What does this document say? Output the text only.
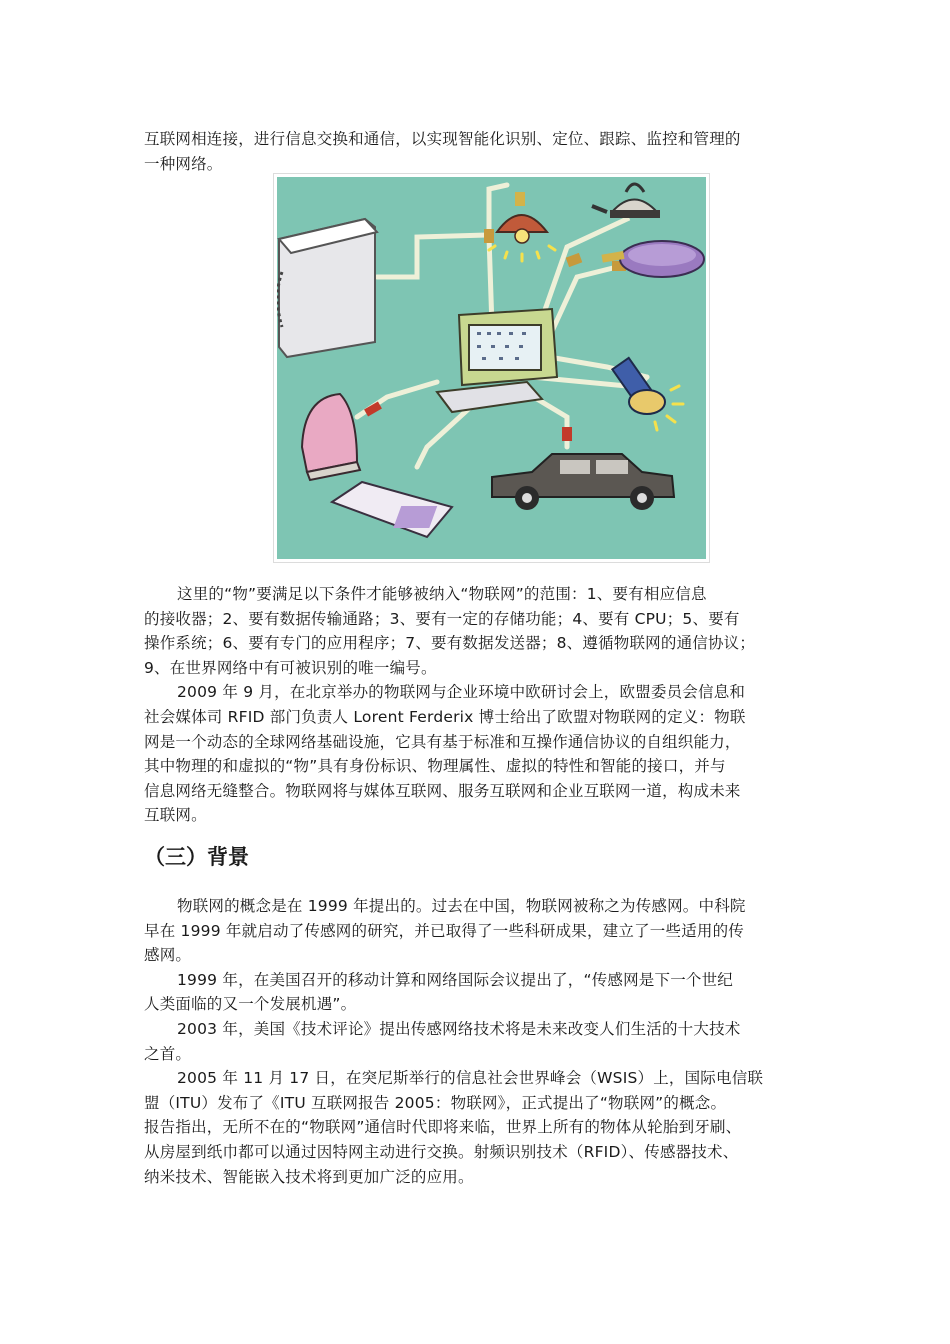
互联网相连接，进行信息交换和通信，以实现智能化识别、定位、跟踪、监控和管理的
一种网络。
这里的“物”要满足以下条件才能够被纳入“物联网”的范围：1、要有相应信息
的接收器；2、要有数据传输通路；3、要有一定的存储功能；4、要有 CPU；5、要有
操作系统；6、要有专门的应用程序；7、要有数据发送器；8、遵循物联网的通信协议；
9、在世界网络中有可被识别的唯一编号。
2009 年 9 月，在北京举办的物联网与企业环境中欧研讨会上，欧盟委员会信息和
社会媒体司 RFID 部门负责人 Lorent Ferderix 博士给出了欧盟对物联网的定义：物联
网是一个动态的全球网络基础设施，它具有基于标准和互操作通信协议的自组织能力，
其中物理的和虚拟的“物”具有身份标识、物理属性、虚拟的特性和智能的接口，并与
信息网络无缝整合。物联网将与媒体互联网、服务互联网和企业互联网一道，构成未来
互联网。
（三）背景
物联网的概念是在 1999 年提出的。过去在中国，物联网被称之为传感网。中科院
早在 1999 年就启动了传感网的研究，并已取得了一些科研成果，建立了一些适用的传
感网。
1999 年，在美国召开的移动计算和网络国际会议提出了，“传感网是下一个世纪
人类面临的又一个发展机遇”。
2003 年，美国《技术评论》提出传感网络技术将是未来改变人们生活的十大技术
之首。
2005 年 11 月 17 日，在突尼斯举行的信息社会世界峰会（WSIS）上，国际电信联
盟（ITU）发布了《ITU 互联网报告 2005：物联网》，正式提出了“物联网”的概念。
报告指出，无所不在的“物联网”通信时代即将来临，世界上所有的物体从轮胎到牙刷、
从房屋到纸巾都可以通过因特网主动进行交换。射频识别技术（RFID）、传感器技术、
纳米技术、智能嵌入技术将到更加广泛的应用。
